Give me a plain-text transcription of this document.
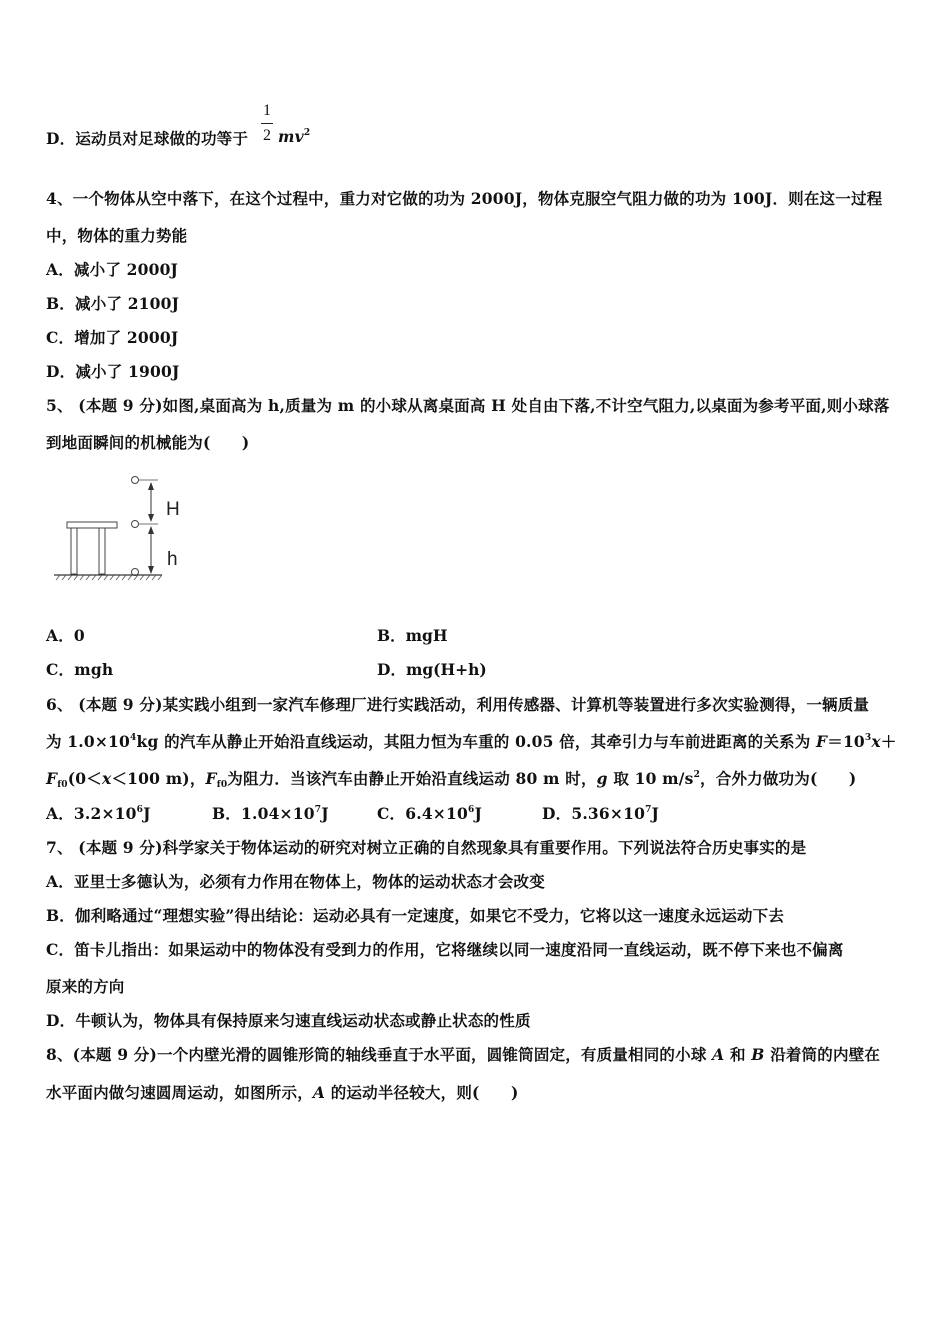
D．运动员对足球做的功等于
1
2 $mv^2$
4、一个物体从空中落下，在这个过程中，重力对它做的功为 2000J，物体克服空气阻力做的功为 100J．则在这一过程
中，物体的重力势能
A．减小了 2000J
B．减小了 2100J
C．增加了 2000J
D．减小了 1900J
5、 (本题 9 分)如图,桌面高为 h,质量为 m 的小球从离桌面高 H 处自由下落,不计空气阻力,以桌面为参考平面,则小球落
到地面瞬间的机械能为(　　)
H
h
A．0	B．mgH
C．mgh	D．mg(H+h)
6、 (本题 9 分)某实践小组到一家汽车修理厂进行实践活动，利用传感器、计算机等装置进行多次实验测得，一辆质量
为 $1.0\times 10^4kg$ 的汽车从静止开始沿直线运动，其阻力恒为车重的 0.05 倍，其牵引力与车前进距离的关系为 $F=10^3x+$
$F_{f0}(0<x<100$ m)，$F_{f0}$为阻力．当该汽车由静止开始沿直线运动 80 m 时，g 取 10 $m/s^2$，合外力做功为(　　)
A．$3.2\times 10^6J$	B．$1.04\times 10^7J$	C．$6.4\times 10^6J$	D．$5.36\times 10^7J$
7、 (本题 9 分)科学家关于物体运动的研究对树立正确的自然现象具有重要作用。下列说法符合历史事实的是
A．亚里士多德认为，必须有力作用在物体上，物体的运动状态才会改变
B．伽利略通过“理想实验”得出结论：运动必具有一定速度，如果它不受力，它将以这一速度永远运动下去
C．笛卡儿指出：如果运动中的物体没有受到力的作用，它将继续以同一速度沿同一直线运动，既不停下来也不偏离
原来的方向
D．牛顿认为，物体具有保持原来匀速直线运动状态或静止状态的性质
8、(本题 9 分)一个内壁光滑的圆锥形筒的轴线垂直于水平面，圆锥筒固定，有质量相同的小球 A 和 B 沿着筒的内壁在
水平面内做匀速圆周运动，如图所示，A 的运动半径较大，则(　　)
